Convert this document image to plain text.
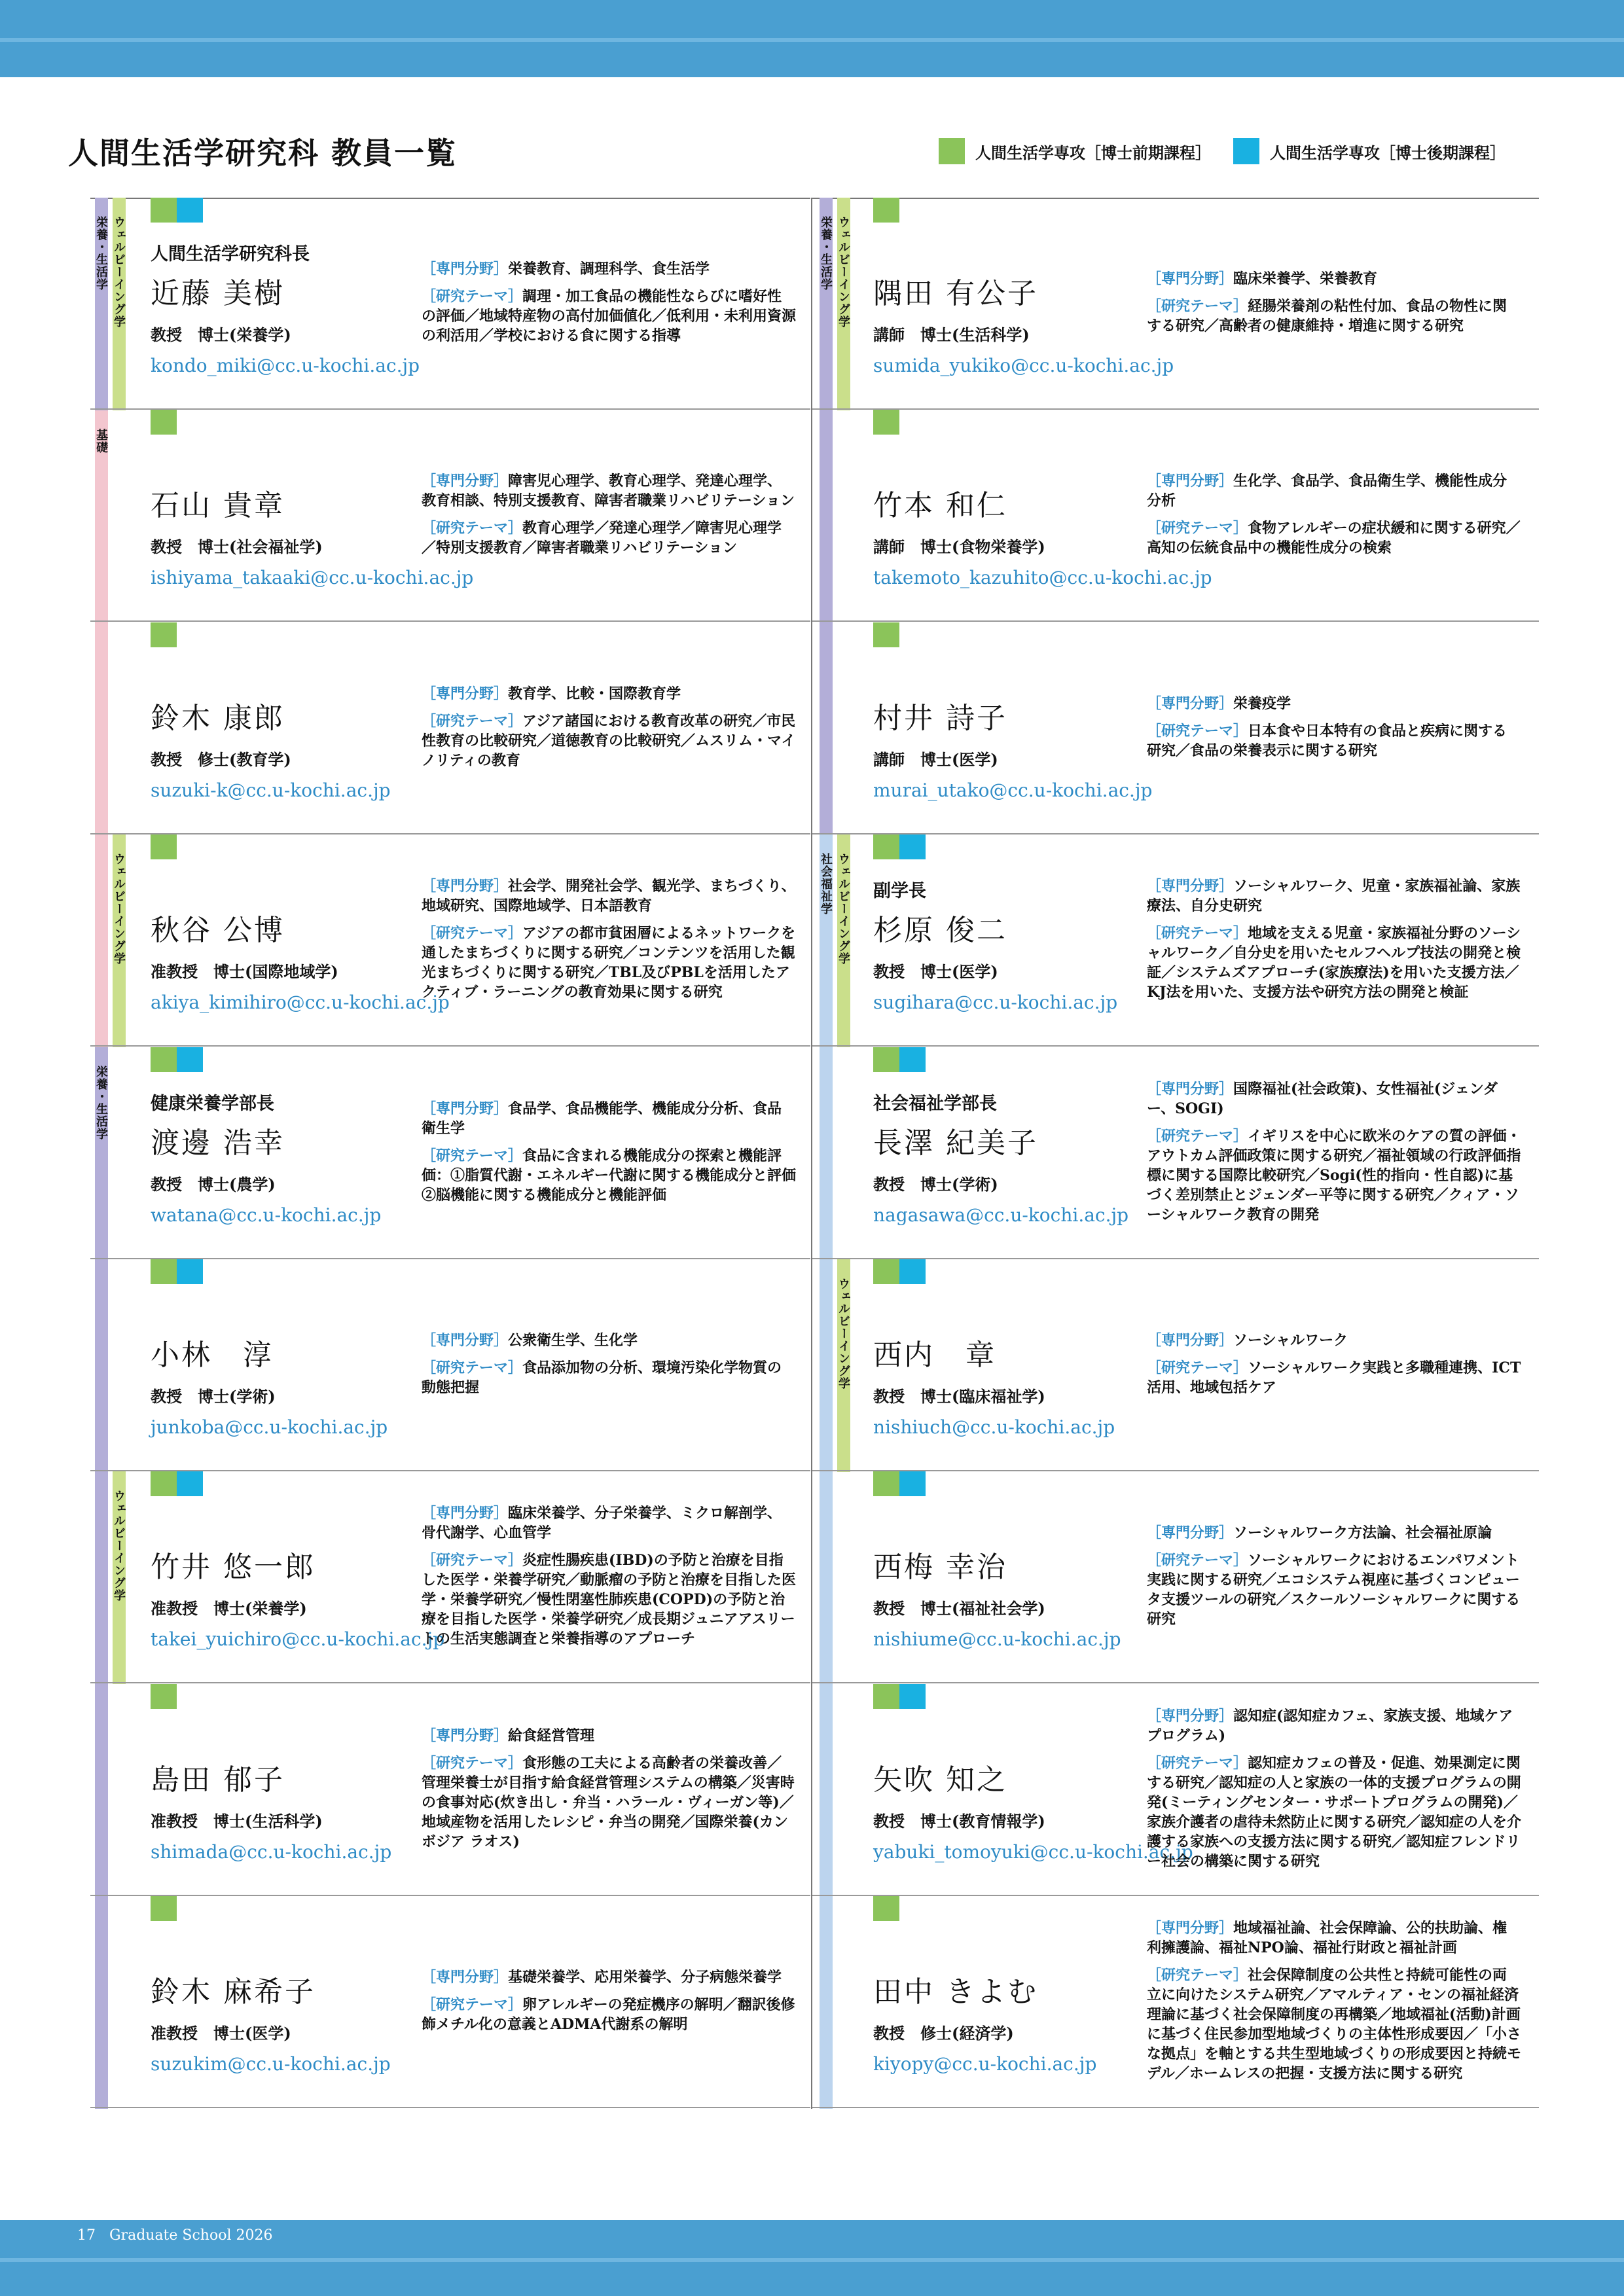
人間生活学研究科 教員一覧	人間生活学専攻［博士前期課程］	人間生活学専攻［博士後期課程］
栄養・生活学
基礎
栄養・生活学
ウェルビーイング学
ウェルビーイング学
ウェルビーイング学
栄養・生活学
社会福祉学
ウェルビーイング学
ウェルビーイング学
ウェルビーイング学
人間生活学研究科長
近藤 美樹
教授　博士(栄養学)
kondo_miki@cc.u-kochi.ac.jp

［専門分野］栄養教育、調理科学、食生活学

［研究テーマ］調理・加工食品の機能性ならびに嗜好性の評価／地域特産物の高付加価値化／低利用・未利用資源の利活用／学校における食に関する指導

石山 貴章
教授　博士(社会福祉学)
ishiyama_takaaki@cc.u-kochi.ac.jp

［専門分野］障害児心理学、教育心理学、発達心理学、教育相談、特別支援教育、障害者職業リハビリテーション

［研究テーマ］教育心理学／発達心理学／障害児心理学／特別支援教育／障害者職業リハビリテーション

鈴木 康郎
教授　修士(教育学)
suzuki-k@cc.u-kochi.ac.jp

［専門分野］教育学、比較・国際教育学

［研究テーマ］アジア諸国における教育改革の研究／市民性教育の比較研究／道徳教育の比較研究／ムスリム・マイノリティの教育

秋谷 公博
准教授　博士(国際地域学)
akiya_kimihiro@cc.u-kochi.ac.jp

［専門分野］社会学、開発社会学、観光学、まちづくり、地域研究、国際地域学、日本語教育

［研究テーマ］アジアの都市貧困層によるネットワークを通したまちづくりに関する研究／コンテンツを活用した観光まちづくりに関する研究／TBL及びPBLを活用したアクティブ・ラーニングの教育効果に関する研究

健康栄養学部長
渡邊 浩幸
教授　博士(農学)
watana@cc.u-kochi.ac.jp

［専門分野］食品学、食品機能学、機能成分分析、食品衛生学

［研究テーマ］食品に含まれる機能成分の探索と機能評価：①脂質代謝・エネルギー代謝に関する機能成分と評価②脳機能に関する機能成分と機能評価

小林　淳
教授　博士(学術)
junkoba@cc.u-kochi.ac.jp

［専門分野］公衆衛生学、生化学

［研究テーマ］食品添加物の分析、環境汚染化学物質の動態把握

竹井 悠一郎
准教授　博士(栄養学)
takei_yuichiro@cc.u-kochi.ac.jp

［専門分野］臨床栄養学、分子栄養学、ミクロ解剖学、骨代謝学、心血管学

［研究テーマ］炎症性腸疾患(IBD)の予防と治療を目指した医学・栄養学研究／動脈瘤の予防と治療を目指した医学・栄養学研究／慢性閉塞性肺疾患(COPD)の予防と治療を目指した医学・栄養学研究／成長期ジュニアアスリートの生活実態調査と栄養指導のアプローチ

島田 郁子
准教授　博士(生活科学)
shimada@cc.u-kochi.ac.jp

［専門分野］給食経営管理

［研究テーマ］食形態の工夫による高齢者の栄養改善／管理栄養士が目指す給食経営管理システムの構築／災害時の食事対応(炊き出し・弁当・ハラール・ヴィーガン等)／地域産物を活用したレシピ・弁当の開発／国際栄養(カンボジア ラオス)

鈴木 麻希子
准教授　博士(医学)
suzukim@cc.u-kochi.ac.jp

［専門分野］基礎栄養学、応用栄養学、分子病態栄養学

［研究テーマ］卵アレルギーの発症機序の解明／翻訳後修飾メチル化の意義とADMA代謝系の解明

隅田 有公子
講師　博士(生活科学)
sumida_yukiko@cc.u-kochi.ac.jp

［専門分野］臨床栄養学、栄養教育

［研究テーマ］経腸栄養剤の粘性付加、食品の物性に関する研究／高齢者の健康維持・増進に関する研究

竹本 和仁
講師　博士(食物栄養学)
takemoto_kazuhito@cc.u-kochi.ac.jp

［専門分野］生化学、食品学、食品衛生学、機能性成分分析

［研究テーマ］食物アレルギーの症状緩和に関する研究／高知の伝統食品中の機能性成分の検索

村井 詩子
講師　博士(医学)
murai_utako@cc.u-kochi.ac.jp

［専門分野］栄養疫学

［研究テーマ］日本食や日本特有の食品と疾病に関する研究／食品の栄養表示に関する研究

副学長
杉原 俊二
教授　博士(医学)
sugihara@cc.u-kochi.ac.jp

［専門分野］ソーシャルワーク、児童・家族福祉論、家族療法、自分史研究

［研究テーマ］地域を支える児童・家族福祉分野のソーシャルワーク／自分史を用いたセルフヘルプ技法の開発と検証／システムズアプローチ(家族療法)を用いた支援方法／KJ法を用いた、支援方法や研究方法の開発と検証

社会福祉学部長
長澤 紀美子
教授　博士(学術)
nagasawa@cc.u-kochi.ac.jp

［専門分野］国際福祉(社会政策)、女性福祉(ジェンダー、SOGI)

［研究テーマ］イギリスを中心に欧米のケアの質の評価・アウトカム評価政策に関する研究／福祉領域の行政評価指標に関する国際比較研究／Sogi(性的指向・性自認)に基づく差別禁止とジェンダー平等に関する研究／クィア・ソーシャルワーク教育の開発

西内　章
教授　博士(臨床福祉学)
nishiuch@cc.u-kochi.ac.jp

［専門分野］ソーシャルワーク

［研究テーマ］ソーシャルワーク実践と多職種連携、ICT活用、地域包括ケア

西梅 幸治
教授　博士(福祉社会学)
nishiume@cc.u-kochi.ac.jp

［専門分野］ソーシャルワーク方法論、社会福祉原論

［研究テーマ］ソーシャルワークにおけるエンパワメント実践に関する研究／エコシステム視座に基づくコンピュータ支援ツールの研究／スクールソーシャルワークに関する研究

矢吹 知之
教授　博士(教育情報学)
yabuki_tomoyuki@cc.u-kochi.ac.jp

［専門分野］認知症(認知症カフェ、家族支援、地域ケアプログラム)

［研究テーマ］認知症カフェの普及・促進、効果測定に関する研究／認知症の人と家族の一体的支援プログラムの開発(ミーティングセンター・サポートプログラムの開発)／家族介護者の虐待未然防止に関する研究／認知症の人を介護する家族への支援方法に関する研究／認知症フレンドリー社会の構築に関する研究

田中 きよむ
教授　修士(経済学)
kiyopy@cc.u-kochi.ac.jp

［専門分野］地域福祉論、社会保障論、公的扶助論、権利擁護論、福祉NPO論、福祉行財政と福祉計画

［研究テーマ］社会保障制度の公共性と持続可能性の両立に向けたシステム研究／アマルティア・センの福祉経済理論に基づく社会保障制度の再構築／地域福祉(活動)計画に基づく住民参加型地域づくりの主体性形成要因／「小さな拠点」を軸とする共生型地域づくりの形成要因と持続モデル／ホームレスの把握・支援方法に関する研究

17 Graduate School 2026
